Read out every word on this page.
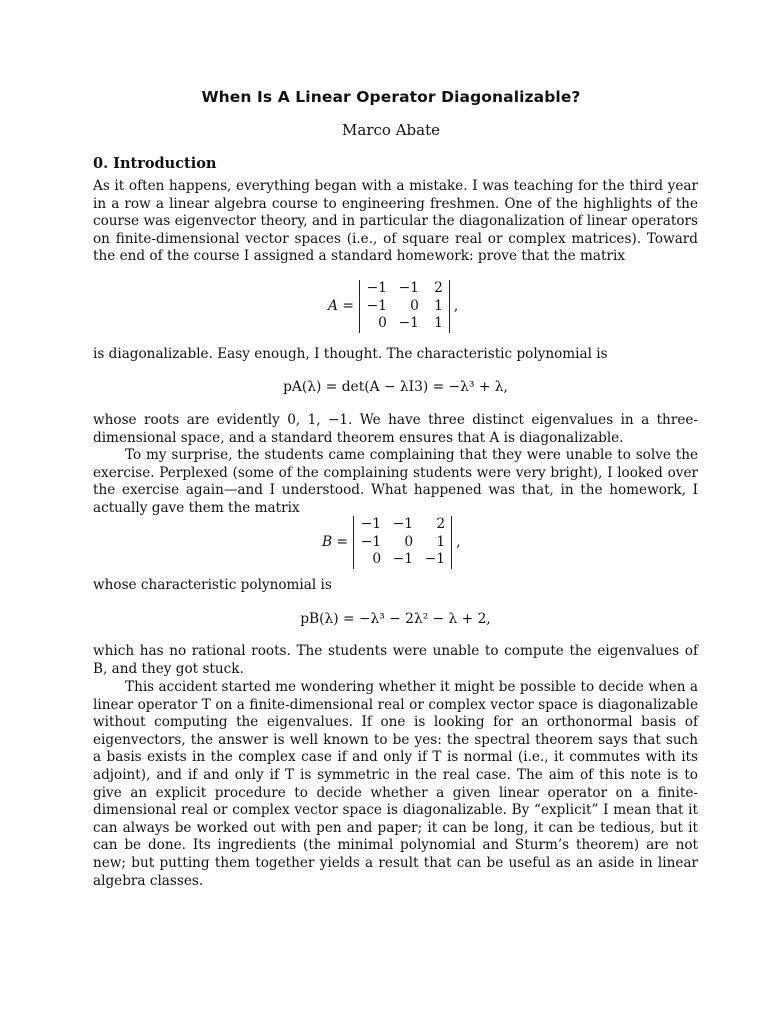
When Is A Linear Operator Diagonalizable?
Marco Abate
0. Introduction

As it often happens, everything began with a mistake. I was teaching for the third year in a row a linear algebra course to engineering freshmen. One of the highlights of the course was eigenvector theory, and in particular the diagonalization of linear operators on finite-dimensional vector spaces (i.e., of square real or complex matrices). Toward the end of the course I assigned a standard homework: prove that the matrix

A =
−1 −1	2
−1	0	1
0 −1	1
,

is diagonalizable. Easy enough, I thought. The characteristic polynomial is

pA(λ) = det(A − λI3) = −λ³ + λ,

whose roots are evidently 0, 1, −1. We have three distinct eigenvalues in a three-dimensional space, and a standard theorem ensures that A is diagonalizable.

To my surprise, the students came complaining that they were unable to solve the exercise. Perplexed (some of the complaining students were very bright), I looked over the exercise again—and I understood. What happened was that, in the homework, I actually gave them the matrix

B =
−1 −1	2
−1	0	1
0 −1 −1
,

whose characteristic polynomial is

pB(λ) = −λ³ − 2λ² − λ + 2,

which has no rational roots. The students were unable to compute the eigenvalues of B, and they got stuck.

This accident started me wondering whether it might be possible to decide when a linear operator T on a finite-dimensional real or complex vector space is diagonalizable without computing the eigenvalues. If one is looking for an orthonormal basis of eigenvectors, the answer is well known to be yes: the spectral theorem says that such a basis exists in the complex case if and only if T is normal (i.e., it commutes with its adjoint), and if and only if T is symmetric in the real case. The aim of this note is to give an explicit procedure to decide whether a given linear operator on a finite-dimensional real or complex vector space is diagonalizable. By “explicit” I mean that it can always be worked out with pen and paper; it can be long, it can be tedious, but it can be done. Its ingredients (the minimal polynomial and Sturm’s theorem) are not new; but putting them together yields a result that can be useful as an aside in linear algebra classes.
